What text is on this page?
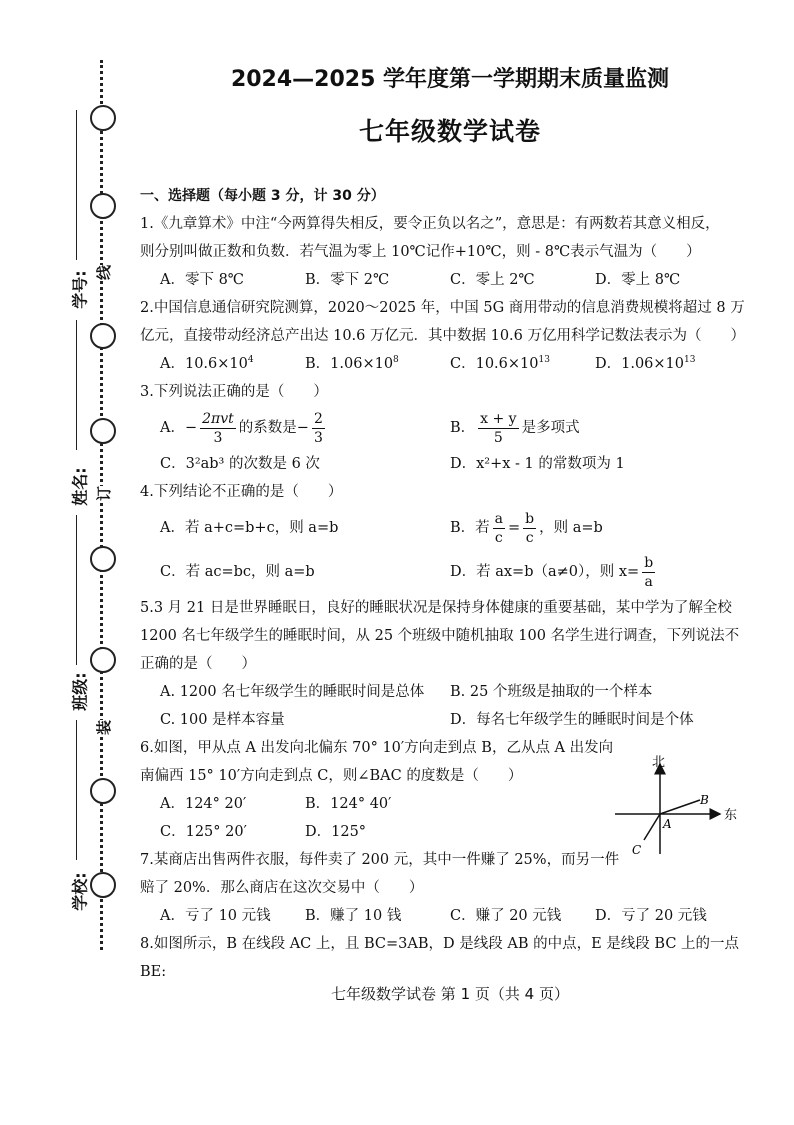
学号:
姓名:
班级:
学校:
线
订
装
2024—2025 学年度第一学期期末质量监测
七年级数学试卷
一、选择题（每小题 3 分，计 30 分）

1.《九章算术》中注“今两算得失相反，要令正负以名之”，意思是：有两数若其意义相反，

则分别叫做正数和负数．若气温为零上 10℃记作+10℃，则 - 8℃表示气温为（　　）

A．零下 8℃	B．零下 2℃	C．零上 2℃	D．零上 8℃

2.中国信息通信研究院测算，2020～2025 年，中国 5G 商用带动的信息消费规模将超过 8 万

亿元，直接带动经济总产出达 10.6 万亿元．其中数据 10.6 万亿用科学记数法表示为（　　）

A．$10.6\times 10^4$	B．$1.06\times 10^8$	C．$10.6\times 10^{13}$	D．$1.06\times 10^{13}$

3.下列说法正确的是（　　）

A． − $\frac{\text{2πvt}}{3}$ 的系数是− $\frac{2}{3}$	B． $\frac{x + y}{5}$ 是多项式
C．3²ab³ 的次数是 6 次	D．x²+x - 1 的常数项为 1

4.下列结论不正确的是（　　）

A．若 a+c=b+c，则 a=b	B．若 $\frac{a}{c} = \frac{b}{c}$ ，则 a=b
C．若 ac=bc，则 a=b	D．若 ax=b（a≠0），则 $x= \frac{b}{a}$

5.3 月 21 日是世界睡眠日，良好的睡眠状况是保持身体健康的重要基础，某中学为了解全校

1200 名七年级学生的睡眠时间，从 25 个班级中随机抽取 100 名学生进行调查，下列说法不

正确的是（　　）

A. 1200 名七年级学生的睡眠时间是总体	B. 25 个班级是抽取的一个样本
C. 100 是样本容量	D．每名七年级学生的睡眠时间是个体

6.如图，甲从点 A 出发向北偏东 70° 10′方向走到点 B，乙从点 A 出发向

南偏西 15° 10′方向走到点 C，则∠BAC 的度数是（　　）

A．124° 20′	B．124° 40′
C．125° 20′	D．125°

7.某商店出售两件衣服，每件卖了 200 元，其中一件赚了 25%，而另一件

赔了 20%．那么商店在这次交易中（　　）

A．亏了 10 元钱	B．赚了 10 钱	C．赚了 20 元钱	D．亏了 20 元钱

8.如图所示，B 在线段 AC 上，且 BC=3AB，D 是线段 AB 的中点，E 是线段 BC 上的一点 BE:

北
东
B
A
C
七年级数学试卷 第 1 页（共 4 页）
